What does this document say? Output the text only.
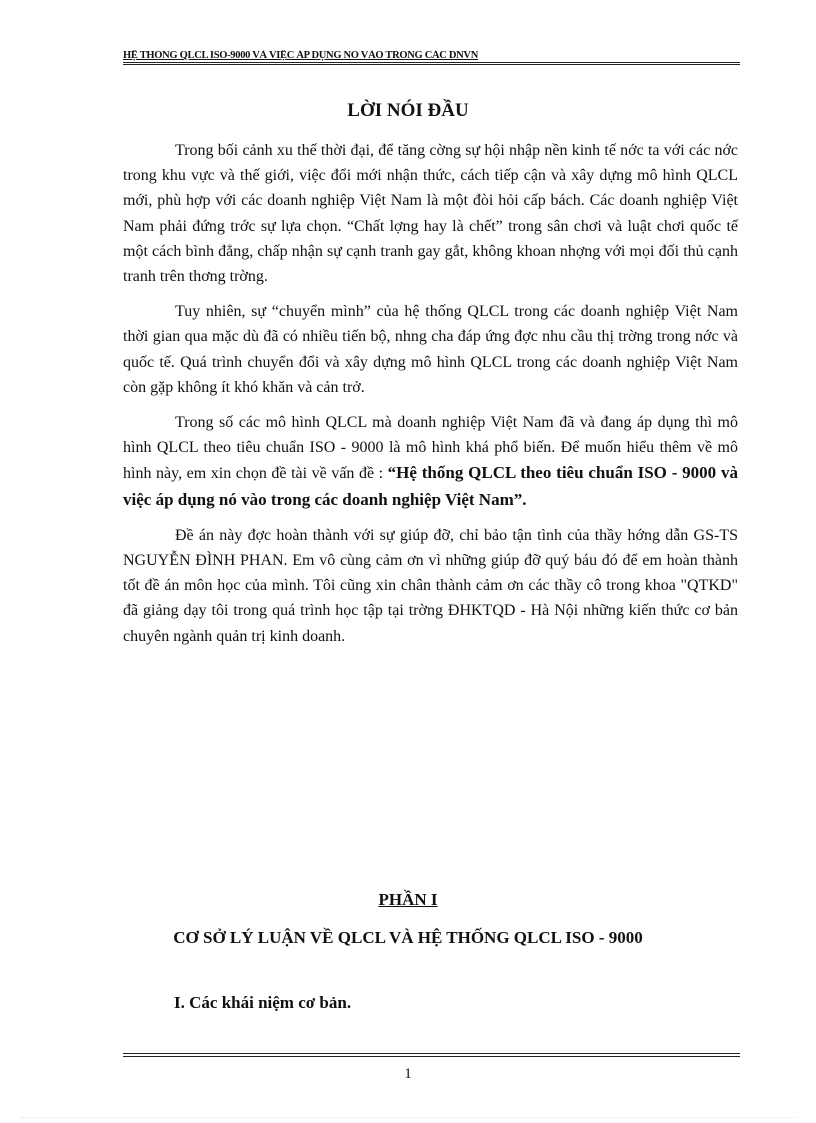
HỆ THỐNG QLCL ISO-9000 VÀ VIỆC ÁP DỤNG NÓ VÀO TRONG CÁC DNVN
LỜI NÓI ĐẦU

Trong bối cảnh xu thế thời đại, để tăng cờng sự hội nhập nền kinh tế nớc ta với các nớc trong khu vực và thế giới, việc đổi mới nhận thức, cách tiếp cận và xây dựng mô hình QLCL mới, phù hợp với các doanh nghiệp Việt Nam là một đòi hỏi cấp bách. Các doanh nghiệp Việt Nam phải đứng trớc sự lựa chọn. “Chất lợng hay là chết” trong sân chơi và luật chơi quốc tế một cách bình đẳng, chấp nhận sự cạnh tranh gay gắt, không khoan nhợng với mọi đối thủ cạnh tranh trên thơng trờng.

Tuy nhiên, sự “chuyển mình” của hệ thống QLCL trong các doanh nghiệp Việt Nam thời gian qua mặc dù đã có nhiều tiến bộ, nhng cha đáp ứng đợc nhu cầu thị trờng trong nớc và quốc tế. Quá trình chuyển đổi và xây dựng mô hình QLCL trong các doanh nghiệp Việt Nam còn gặp không ít khó khăn và cản trở.

Trong số các mô hình QLCL mà doanh nghiệp Việt Nam đã và đang áp dụng thì mô hình QLCL theo tiêu chuẩn ISO - 9000 là mô hình khá phổ biến. Để muốn hiểu thêm về mô hình này, em xin chọn đề tài về vấn đề : “Hệ thống QLCL theo tiêu chuẩn ISO - 9000 và việc áp dụng nó vào trong các doanh nghiệp Việt Nam”.

Đề án này đợc hoàn thành với sự giúp đỡ, chỉ bảo tận tình của thầy hớng dẫn GS-TS NGUYỄN ĐÌNH PHAN. Em vô cùng cảm ơn vì những giúp đỡ quý báu đó để em hoàn thành tốt đề án môn học của mình. Tôi cũng xin chân thành cảm ơn các thầy cô trong khoa "QTKD" đã giảng dạy tôi trong quá trình học tập tại trờng ĐHKTQD - Hà Nội những kiến thức cơ bản chuyên ngành quản trị kinh doanh.

PHẦN I
CƠ SỞ LÝ LUẬN VỀ QLCL VÀ HỆ THỐNG QLCL ISO - 9000
I. Các khái niệm cơ bản.
1
